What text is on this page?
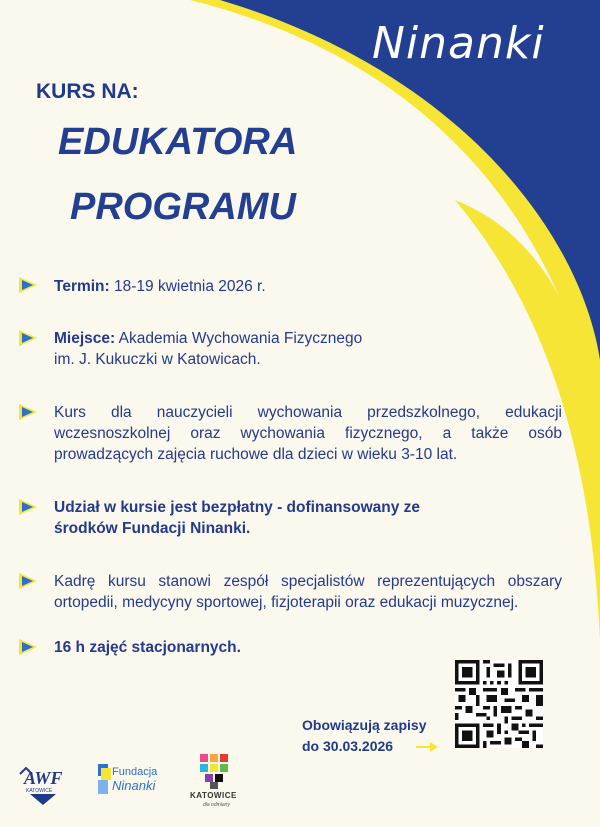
Ninanki
KURS NA:
EDUKATORA
PROGRAMU
Termin: 18-19 kwietnia 2026 r.
Miejsce: Akademia Wychowania Fizycznego
im. J. Kukuczki w Katowicach.
Kurs dla nauczycieli wychowania przedszkolnego, edukacji wczesnoszkolnej oraz wychowania fizycznego, a także osób prowadzących zajęcia ruchowe dla dzieci w wieku 3-10 lat.
Udział w kursie jest bezpłatny - dofinansowany ze
środków Fundacji Ninanki.
Kadrę kursu stanowi zespół specjalistów reprezentujących obszary ortopedii, medycyny sportowej, fizjoterapii oraz edukacji muzycznej.
16 h zajęć stacjonarnych.
Obowiązują zapisy
do 30.03.2026
AWF
KATOWICE
Fundacja
Ninanki
KATOWICE
dla odmiany
